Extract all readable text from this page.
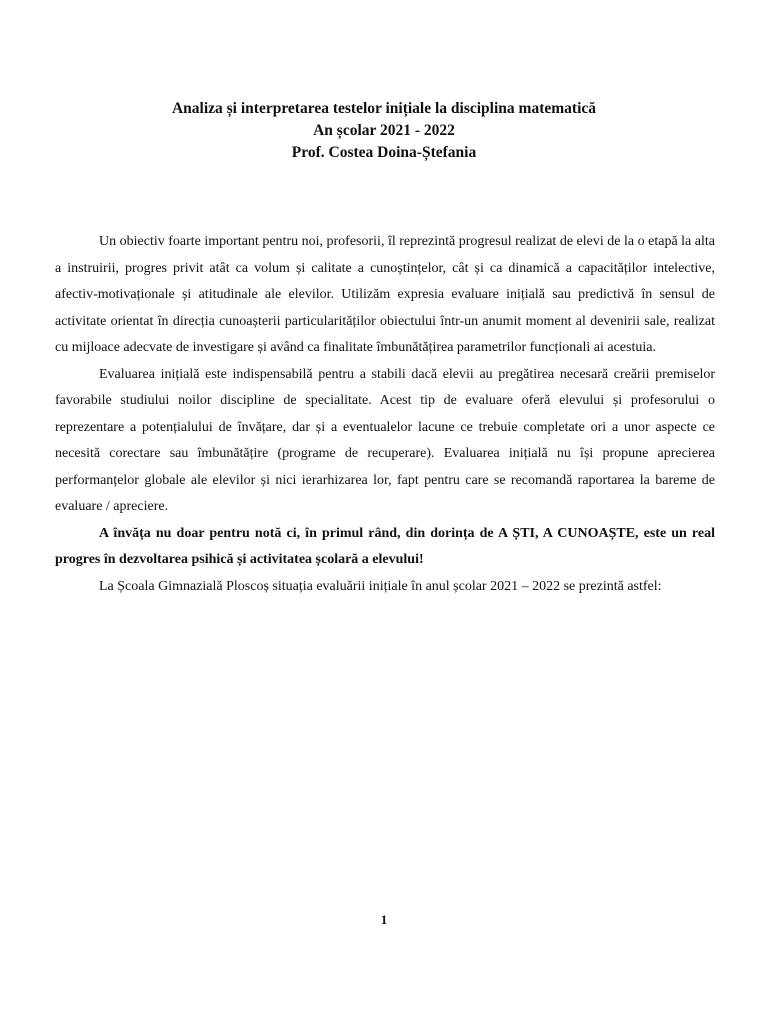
Analiza și interpretarea testelor inițiale la disciplina matematică
An școlar 2021 - 2022
Prof. Costea Doina-Ștefania

Un obiectiv foarte important pentru noi, profesorii, îl reprezintă progresul realizat de elevi de la o etapă la alta a instruirii, progres privit atât ca volum și calitate a cunoștințelor, cât și ca dinamică a capacităților intelective, afectiv-motivaționale și atitudinale ale elevilor. Utilizăm expresia evaluare inițială sau predictivă în sensul de activitate orientat în direcția cunoașterii particularităților obiectului într-un anumit moment al devenirii sale, realizat cu mijloace adecvate de investigare și având ca finalitate îmbunătățirea parametrilor funcționali ai acestuia.

Evaluarea inițială este indispensabilă pentru a stabili dacă elevii au pregătirea necesară creării premiselor favorabile studiului noilor discipline de specialitate. Acest tip de evaluare oferă elevului și profesorului o reprezentare a potențialului de învățare, dar și a eventualelor lacune ce trebuie completate ori a unor aspecte ce necesită corectare sau îmbunătățire (programe de recuperare). Evaluarea inițială nu își propune aprecierea performanțelor globale ale elevilor și nici ierarhizarea lor, fapt pentru care se recomandă raportarea la bareme de evaluare / apreciere.

A învăța nu doar pentru notă ci, în primul rând, din dorința de A ȘTI, A CUNOAȘTE, este un real progres în dezvoltarea psihică și activitatea școlară a elevului!

La Școala Gimnazială Ploscoș situația evaluării inițiale în anul școlar 2021 – 2022 se prezintă astfel:

1
